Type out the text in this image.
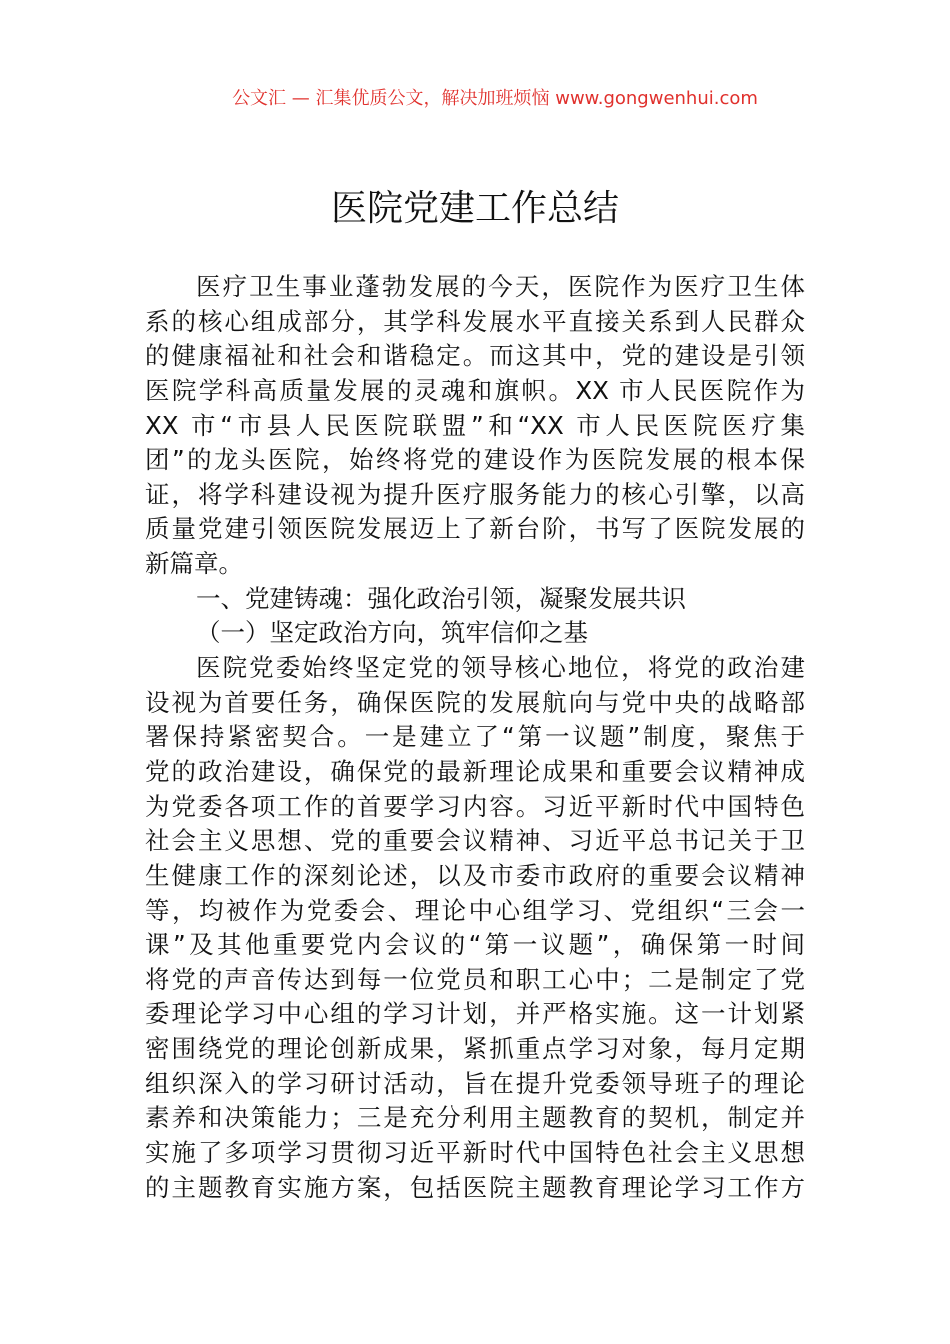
公文汇 — 汇集优质公文，解决加班烦恼 www.gongwenhui.com
医院党建工作总结
医疗卫生事业蓬勃发展的今天，医院作为医疗卫生体
系的核心组成部分，其学科发展水平直接关系到人民群众
的健康福祉和社会和谐稳定。而这其中，党的建设是引领
医院学科高质量发展的灵魂和旗帜。XX 市人民医院作为
XX 市“市县人民医院联盟”和“XX 市人民医院医疗集
团”的龙头医院，始终将党的建设作为医院发展的根本保
证，将学科建设视为提升医疗服务能力的核心引擎，以高
质量党建引领医院发展迈上了新台阶，书写了医院发展的
新篇章。
一、党建铸魂：强化政治引领，凝聚发展共识
（一）坚定政治方向，筑牢信仰之基
医院党委始终坚定党的领导核心地位，将党的政治建
设视为首要任务，确保医院的发展航向与党中央的战略部
署保持紧密契合。一是建立了“第一议题”制度，聚焦于
党的政治建设，确保党的最新理论成果和重要会议精神成
为党委各项工作的首要学习内容。习近平新时代中国特色
社会主义思想、党的重要会议精神、习近平总书记关于卫
生健康工作的深刻论述，以及市委市政府的重要会议精神
等，均被作为党委会、理论中心组学习、党组织“三会一
课”及其他重要党内会议的“第一议题”，确保第一时间
将党的声音传达到每一位党员和职工心中；二是制定了党
委理论学习中心组的学习计划，并严格实施。这一计划紧
密围绕党的理论创新成果，紧抓重点学习对象，每月定期
组织深入的学习研讨活动，旨在提升党委领导班子的理论
素养和决策能力；三是充分利用主题教育的契机，制定并
实施了多项学习贯彻习近平新时代中国特色社会主义思想
的主题教育实施方案，包括医院主题教育理论学习工作方
